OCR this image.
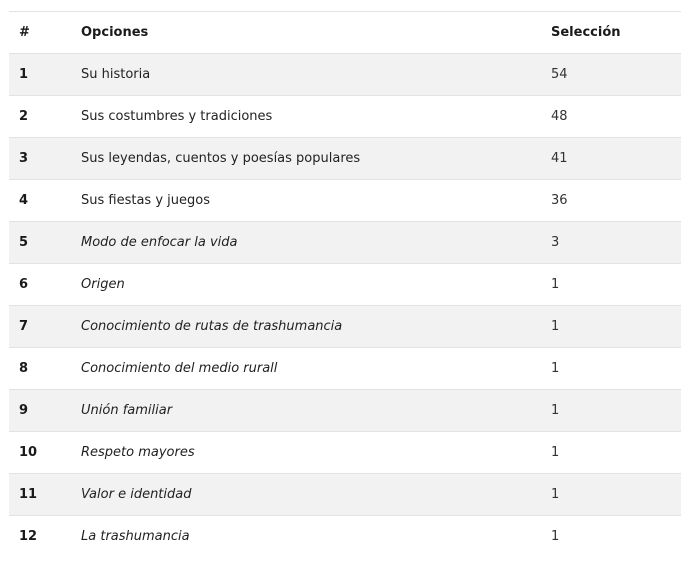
#	Opciones	Selección
1	Su historia	54
2	Sus costumbres y tradiciones	48
3	Sus leyendas, cuentos y poesías populares	41
4	Sus fiestas y juegos	36
5	Modo de enfocar la vida	3
6	Origen	1
7	Conocimiento de rutas de trashumancia	1
8	Conocimiento del medio rurall	1
9	Unión familiar	1
10	Respeto mayores	1
11	Valor e identidad	1
12	La trashumancia	1
